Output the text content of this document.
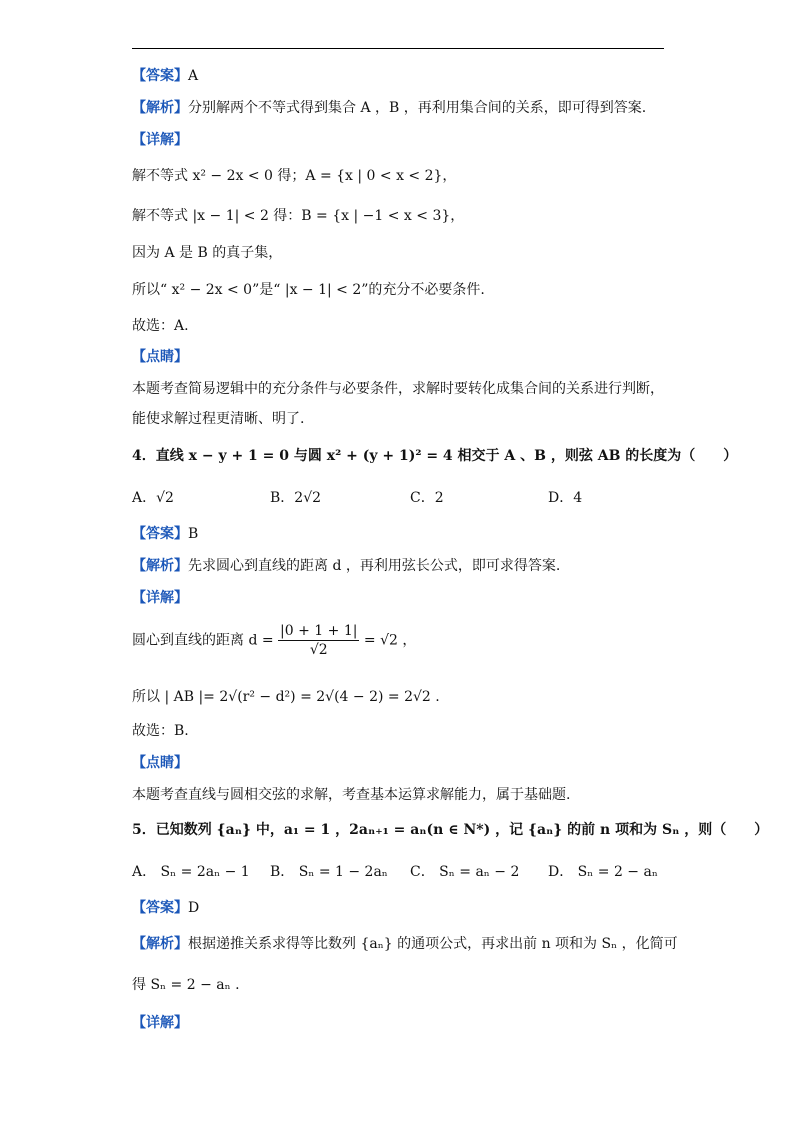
【答案】A
【解析】分别解两个不等式得到集合 A ，B ，再利用集合间的关系，即可得到答案.
【详解】
解不等式 x² − 2x < 0 得；A = {x | 0 < x < 2}，
解不等式 |x − 1| < 2 得：B = {x | −1 < x < 3}，
因为 A 是 B 的真子集，
所以“ x² − 2x < 0”是“ |x − 1| < 2”的充分不必要条件.
故选：A.
【点睛】
本题考查简易逻辑中的充分条件与必要条件，求解时要转化成集合间的关系进行判断，
能使求解过程更清晰、明了.
4．直线 x − y + 1 = 0 与圆 x² + (y + 1)² = 4 相交于 A 、B ，则弦 AB 的长度为（　　）
A．√2	B．2√2	C．2	D．4
【答案】B
【解析】先求圆心到直线的距离 d ，再利用弦长公式，即可求得答案.
【详解】
圆心到直线的距离 $d = \frac{|0 + 1 + 1|}{√2} = √2$ ，
所以 | AB |= 2√(r² − d²) = 2√(4 − 2) = 2√2 .
故选：B.
【点睛】
本题考查直线与圆相交弦的求解，考查基本运算求解能力，属于基础题.
5．已知数列 {aₙ} 中，a₁ = 1 ，2aₙ₊₁ = aₙ(n ∈ N*) ，记 {aₙ} 的前 n 项和为 Sₙ ，则（　　）
A． Sₙ = 2aₙ − 1 B． Sₙ = 1 − 2aₙ C． Sₙ = aₙ − 2 D． Sₙ = 2 − aₙ
【答案】D
【解析】根据递推关系求得等比数列 {aₙ} 的通项公式，再求出前 n 项和为 Sₙ ，化简可
得 Sₙ = 2 − aₙ .
【详解】
